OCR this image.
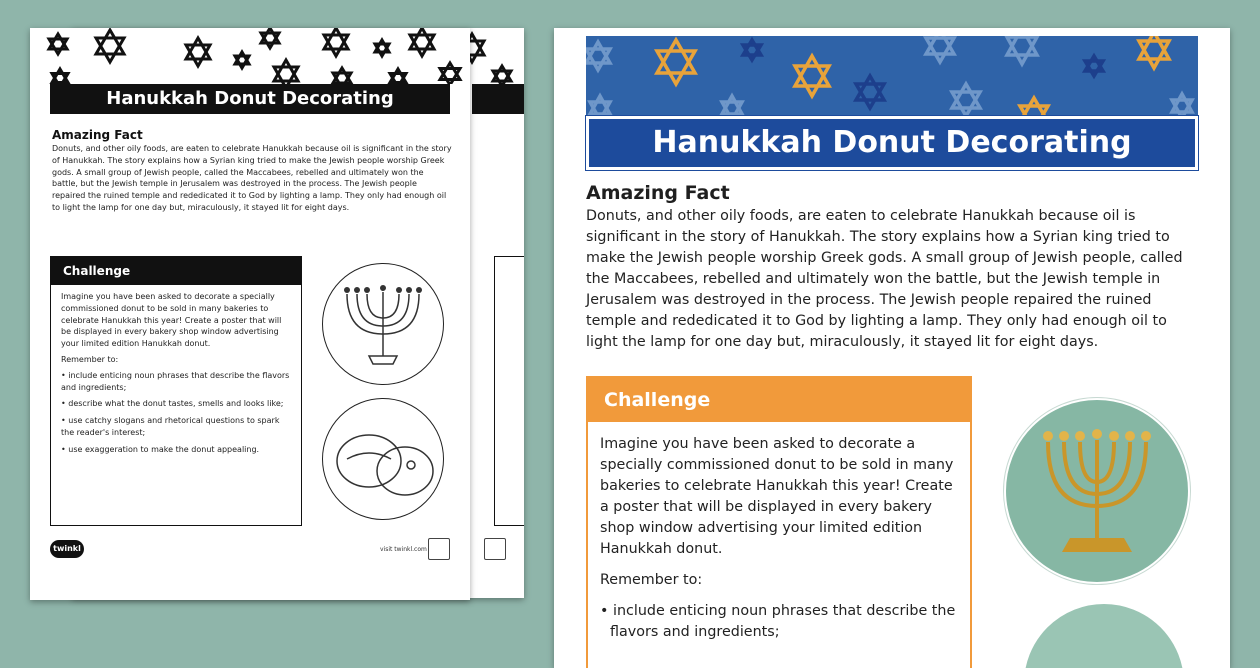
Hanukkah Donut Decorating
Amazing Fact

Donuts, and other oily foods, are eaten to celebrate Hanukkah because oil is significant in the story of Hanukkah. The story explains how a Syrian king tried to make the Jewish people worship Greek gods. A small group of Jewish people, called the Maccabees, rebelled and ultimately won the battle, but the Jewish temple in Jerusalem was destroyed in the process. The Jewish people repaired the ruined temple and rededicated it to God by lighting a lamp. They only had enough oil to light the lamp for one day but, miraculously, it stayed lit for eight days.

Challenge

Imagine you have been asked to decorate a specially commissioned donut to be sold in many bakeries to celebrate Hanukkah this year! Create a poster that will be displayed in every bakery shop window advertising your limited edition Hanukkah donut.

Remember to:

• include enticing noun phrases that describe the flavors and ingredients;
• describe what the donut tastes, smells and looks like;
• use catchy slogans and rhetorical questions to spark the reader's interest;
• use exaggeration to make the donut appealing.
twinkl	visit twinkl.com
Hanukkah Donut Decorating
Amazing Fact

Donuts, and other oily foods, are eaten to celebrate Hanukkah because oil is significant in the story of Hanukkah. The story explains how a Syrian king tried to make the Jewish people worship Greek gods. A small group of Jewish people, called the Maccabees, rebelled and ultimately won the battle, but the Jewish temple in Jerusalem was destroyed in the process. The Jewish people repaired the ruined temple and rededicated it to God by lighting a lamp. They only had enough oil to light the lamp for one day but, miraculously, it stayed lit for eight days.

Challenge

Imagine you have been asked to decorate a specially commissioned donut to be sold in many bakeries to celebrate Hanukkah this year! Create a poster that will be displayed in every bakery shop window advertising your limited edition Hanukkah donut.

Remember to:

• include enticing noun phrases that describe the
flavors and ingredients;
